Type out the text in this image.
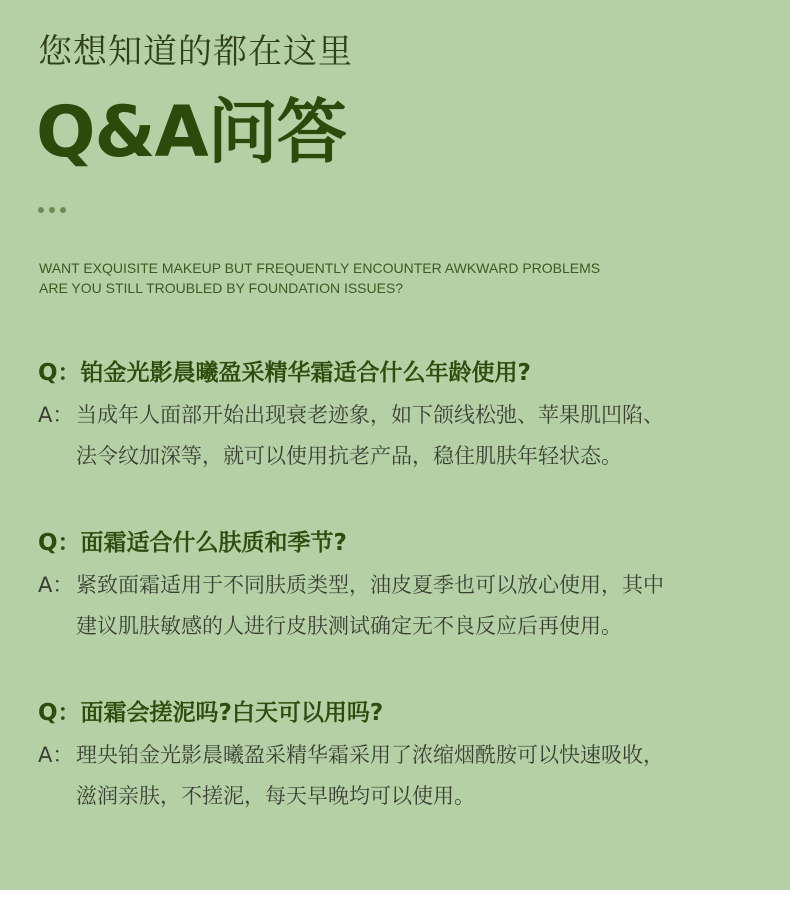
您想知道的都在这里
Q&A问答
WANT EXQUISITE MAKEUP BUT FREQUENTLY ENCOUNTER AWKWARD PROBLEMS
ARE YOU STILL TROUBLED BY FOUNDATION ISSUES?
Q：铂金光影晨曦盈采精华霜适合什么年龄使用?
A： 当成年人面部开始出现衰老迹象，如下颌线松弛、苹果肌凹陷、
法令纹加深等，就可以使用抗老产品，稳住肌肤年轻状态。
Q：面霜适合什么肤质和季节?
A： 紧致面霜适用于不同肤质类型，油皮夏季也可以放心使用，其中
建议肌肤敏感的人进行皮肤测试确定无不良反应后再使用。
Q：面霜会搓泥吗?白天可以用吗?
A： 理央铂金光影晨曦盈采精华霜采用了浓缩烟酰胺可以快速吸收，
滋润亲肤，不搓泥，每天早晚均可以使用。
